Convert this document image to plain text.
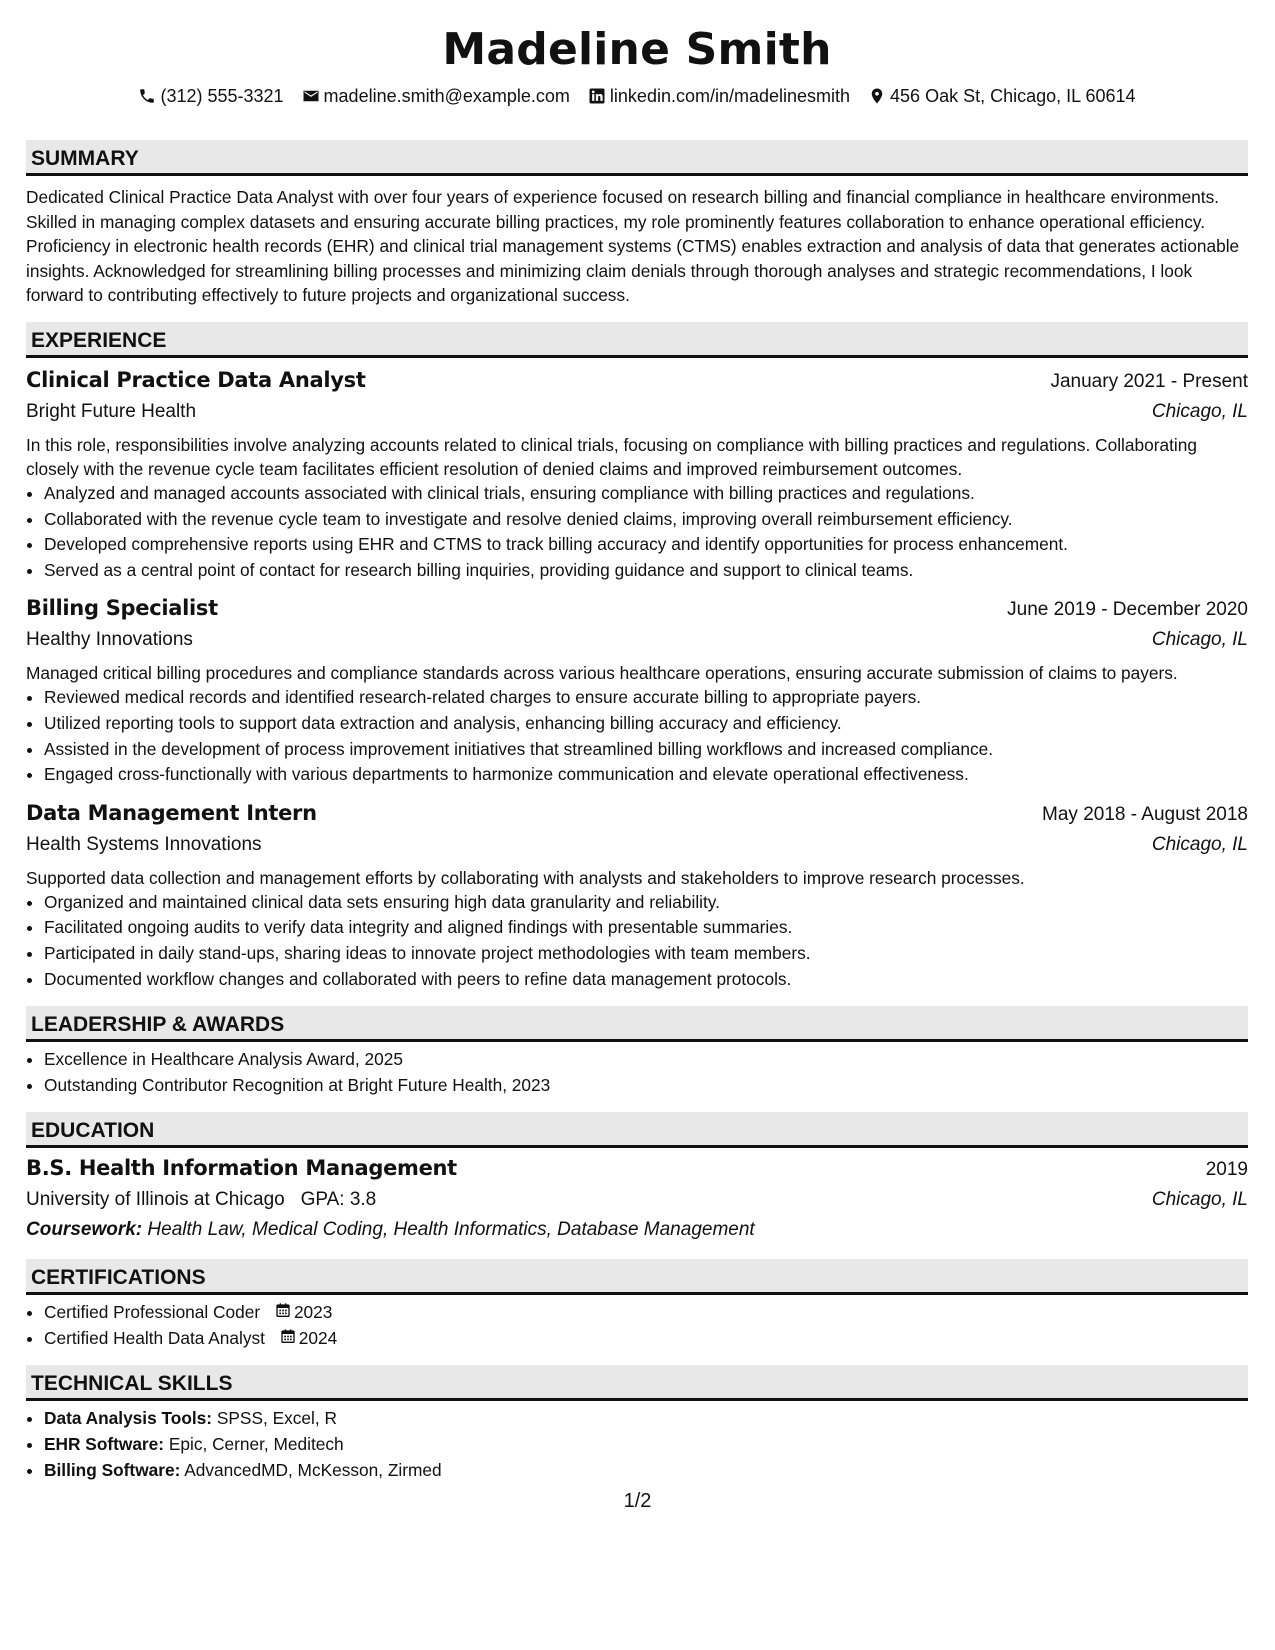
Madeline Smith
(312) 555-3321 madeline.smith@example.com linkedin.com/in/madelinesmith 456 Oak St, Chicago, IL 60614
SUMMARY
Dedicated Clinical Practice Data Analyst with over four years of experience focused on research billing and financial compliance in healthcare environments. Skilled in managing complex datasets and ensuring accurate billing practices, my role prominently features collaboration to enhance operational efficiency. Proficiency in electronic health records (EHR) and clinical trial management systems (CTMS) enables extraction and analysis of data that generates actionable insights. Acknowledged for streamlining billing processes and minimizing claim denials through thorough analyses and strategic recommendations, I look forward to contributing effectively to future projects and organizational success.
EXPERIENCE
Clinical Practice Data Analyst	January 2021 - Present
Bright Future Health	Chicago, IL
In this role, responsibilities involve analyzing accounts related to clinical trials, focusing on compliance with billing practices and regulations. Collaborating closely with the revenue cycle team facilitates efficient resolution of denied claims and improved reimbursement outcomes.
• Analyzed and managed accounts associated with clinical trials, ensuring compliance with billing practices and regulations.
• Collaborated with the revenue cycle team to investigate and resolve denied claims, improving overall reimbursement efficiency.
• Developed comprehensive reports using EHR and CTMS to track billing accuracy and identify opportunities for process enhancement.
• Served as a central point of contact for research billing inquiries, providing guidance and support to clinical teams.
Billing Specialist	June 2019 - December 2020
Healthy Innovations	Chicago, IL
Managed critical billing procedures and compliance standards across various healthcare operations, ensuring accurate submission of claims to payers.
• Reviewed medical records and identified research-related charges to ensure accurate billing to appropriate payers.
• Utilized reporting tools to support data extraction and analysis, enhancing billing accuracy and efficiency.
• Assisted in the development of process improvement initiatives that streamlined billing workflows and increased compliance.
• Engaged cross-functionally with various departments to harmonize communication and elevate operational effectiveness.
Data Management Intern	May 2018 - August 2018
Health Systems Innovations	Chicago, IL
Supported data collection and management efforts by collaborating with analysts and stakeholders to improve research processes.
• Organized and maintained clinical data sets ensuring high data granularity and reliability.
• Facilitated ongoing audits to verify data integrity and aligned findings with presentable summaries.
• Participated in daily stand-ups, sharing ideas to innovate project methodologies with team members.
• Documented workflow changes and collaborated with peers to refine data management protocols.
LEADERSHIP & AWARDS
• Excellence in Healthcare Analysis Award, 2025
• Outstanding Contributor Recognition at Bright Future Health, 2023
EDUCATION
B.S. Health Information Management	2019
University of Illinois at Chicago GPA: 3.8	Chicago, IL
Coursework: Health Law, Medical Coding, Health Informatics, Database Management
CERTIFICATIONS
• Certified Professional Coder 2023
• Certified Health Data Analyst 2024
TECHNICAL SKILLS
• Data Analysis Tools: SPSS, Excel, R
• EHR Software: Epic, Cerner, Meditech
• Billing Software: AdvancedMD, McKesson, Zirmed
1/2
